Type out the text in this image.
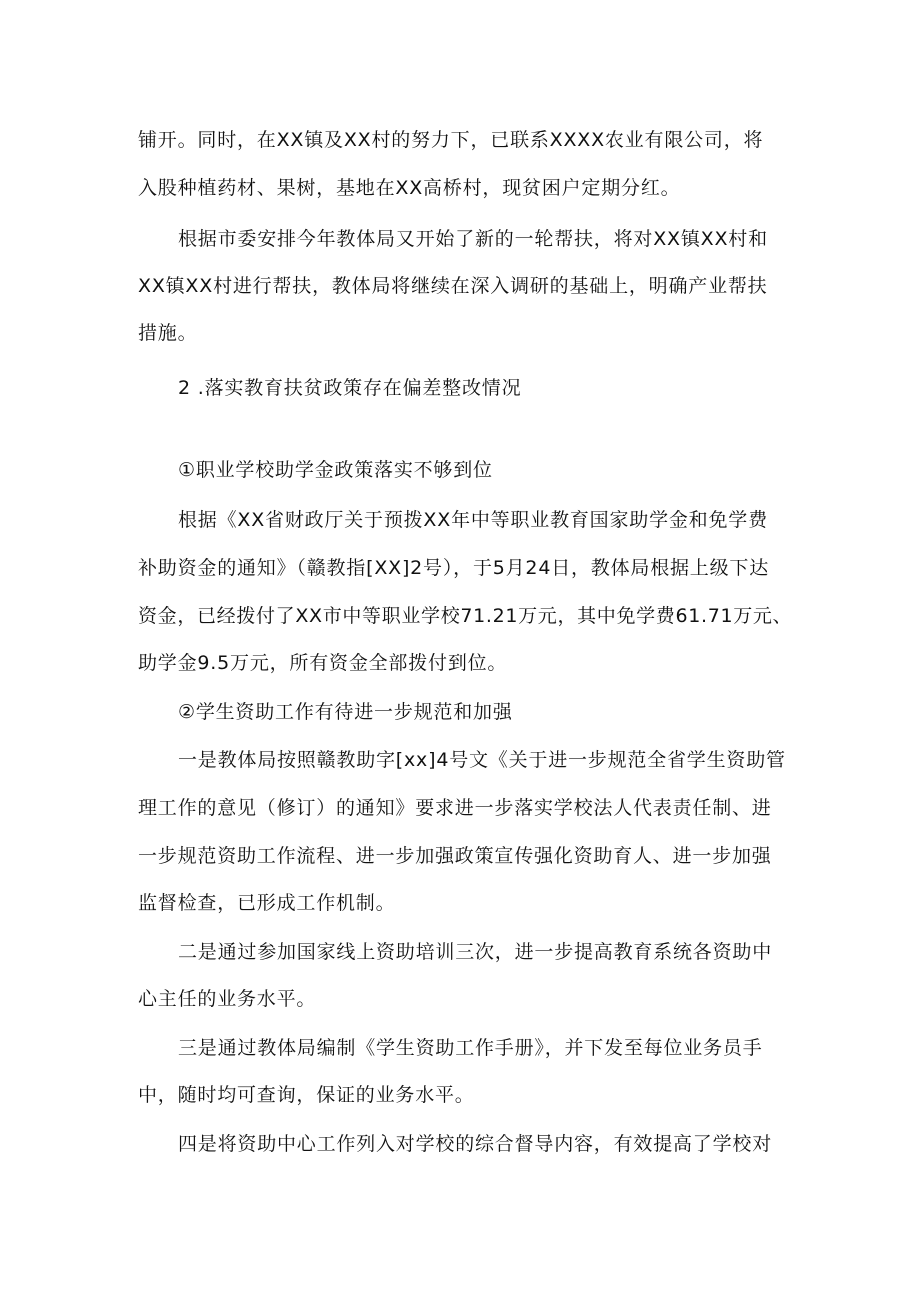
铺开。同时，在XX镇及XX村的努力下，已联系XXXX农业有限公司，将
入股种植药材、果树，基地在XX高桥村，现贫困户定期分红。
根据市委安排今年教体局又开始了新的一轮帮扶，将对XX镇XX村和
XX镇XX村进行帮扶，教体局将继续在深入调研的基础上，明确产业帮扶
措施。
2 .落实教育扶贫政策存在偏差整改情况
①职业学校助学金政策落实不够到位
根据《XX省财政厅关于预拨XX年中等职业教育国家助学金和免学费
补助资金的通知》（赣教指[XX]2号），于5月24日，教体局根据上级下达
资金，已经拨付了XX市中等职业学校71.21万元，其中免学费61.71万元、
助学金9.5万元，所有资金全部拨付到位。
②学生资助工作有待进一步规范和加强
一是教体局按照赣教助字[xx]4号文《关于进一步规范全省学生资助管
理工作的意见（修订）的通知》要求进一步落实学校法人代表责任制、进
一步规范资助工作流程、进一步加强政策宣传强化资助育人、进一步加强
监督检查，已形成工作机制。
二是通过参加国家线上资助培训三次，进一步提高教育系统各资助中
心主任的业务水平。
三是通过教体局编制《学生资助工作手册》，并下发至每位业务员手
中，随时均可查询，保证的业务水平。
四是将资助中心工作列入对学校的综合督导内容，有效提高了学校对
